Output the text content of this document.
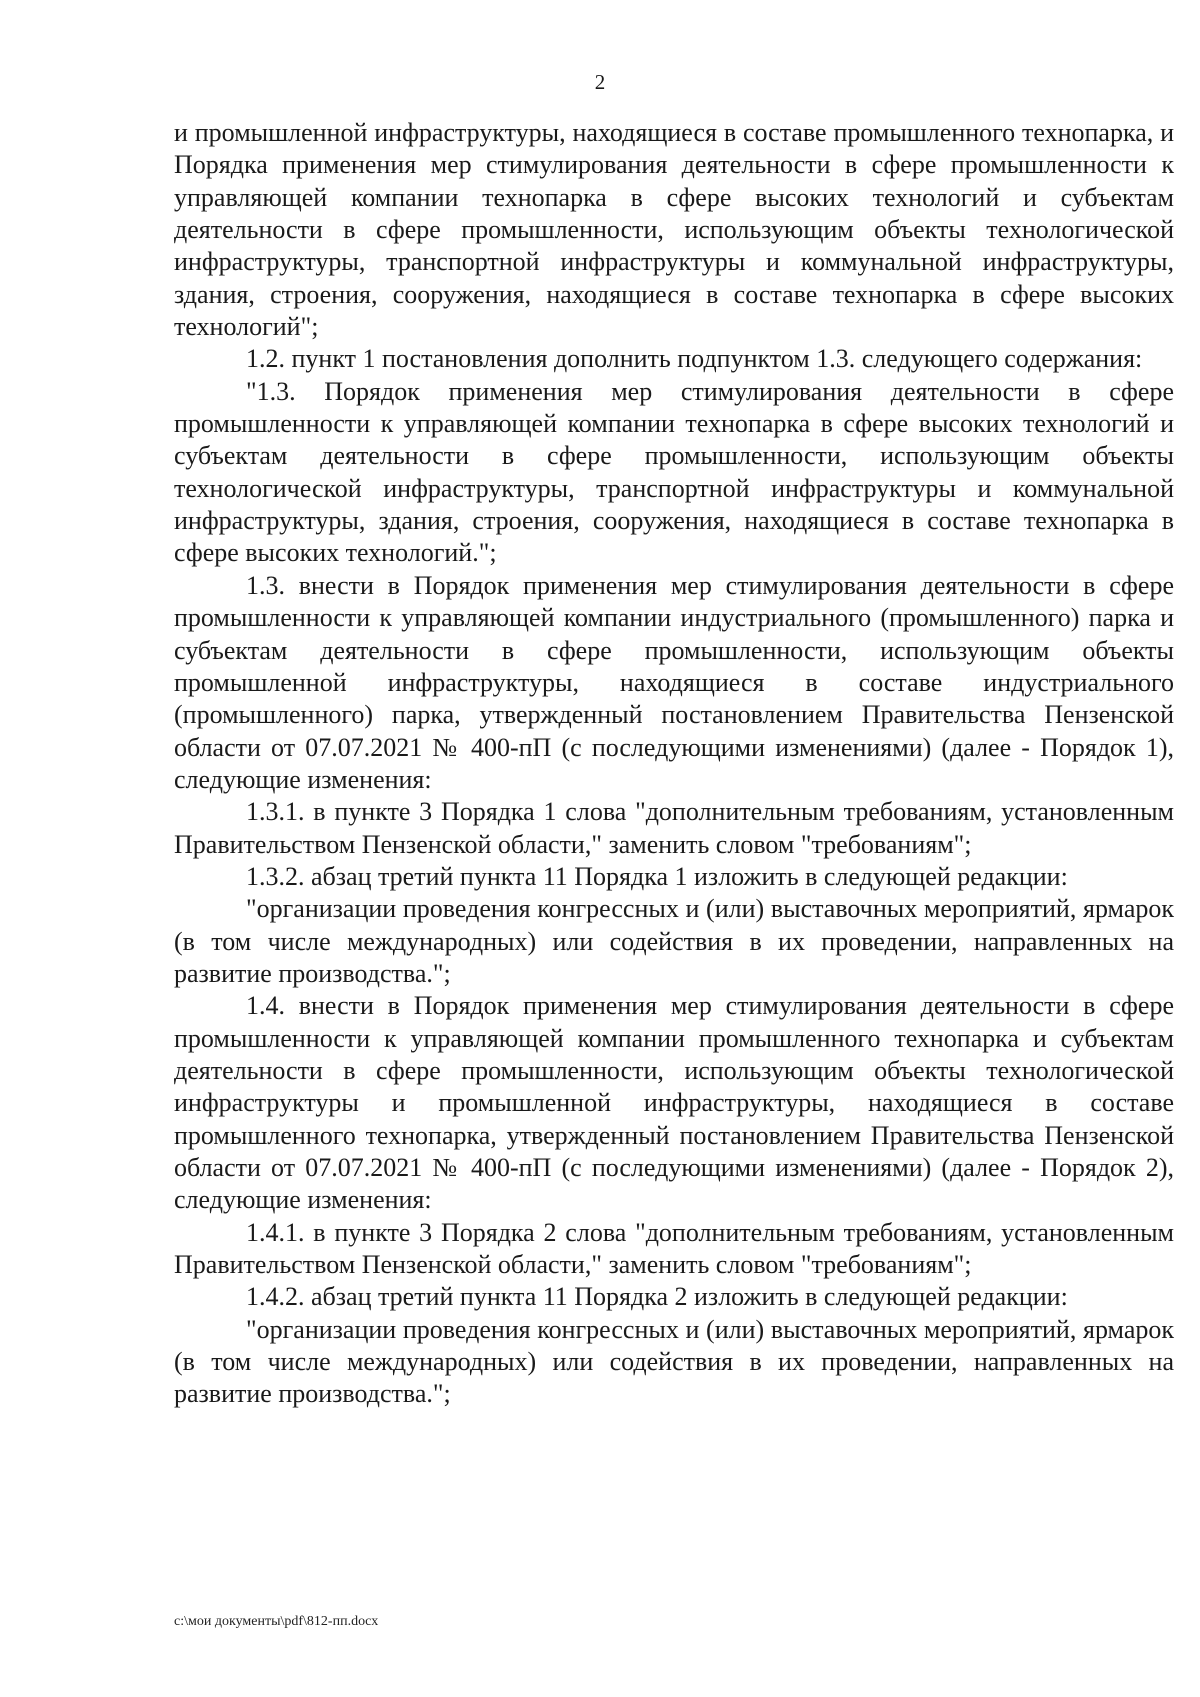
2

и промышленной инфраструктуры, находящиеся в составе промышленного технопарка, и Порядка применения мер стимулирования деятельности в сфере промышленности к управляющей компании технопарка в сфере высоких технологий и субъектам деятельности в сфере промышленности, использующим объекты технологической инфраструктуры, транспортной инфраструктуры и коммунальной инфраструктуры, здания, строения, сооружения, находящиеся в составе технопарка в сфере высоких технологий";

1.2. пункт 1 постановления дополнить подпунктом 1.3. следующего содержания:

"1.3. Порядок применения мер стимулирования деятельности в сфере промышленности к управляющей компании технопарка в сфере высоких технологий и субъектам деятельности в сфере промышленности, использующим объекты технологической инфраструктуры, транспортной инфраструктуры и коммунальной инфраструктуры, здания, строения, сооружения, находящиеся в составе технопарка в сфере высоких технологий.";

1.3. внести в Порядок применения мер стимулирования деятельности в сфере промышленности к управляющей компании индустриального (промышленного) парка и субъектам деятельности в сфере промышленности, использующим объекты промышленной инфраструктуры, находящиеся в составе индустриального (промышленного) парка, утвержденный постановлением Правительства Пензенской области от 07.07.2021 № 400-пП (с последующими изменениями) (далее - Порядок 1), следующие изменения:

1.3.1. в пункте 3 Порядка 1 слова "дополнительным требованиям, установленным Правительством Пензенской области," заменить словом "требованиям";

1.3.2. абзац третий пункта 11 Порядка 1 изложить в следующей редакции:

"организации проведения конгрессных и (или) выставочных мероприятий, ярмарок (в том числе международных) или содействия в их проведении, направленных на развитие производства.";

1.4. внести в Порядок применения мер стимулирования деятельности в сфере промышленности к управляющей компании промышленного технопарка и субъектам деятельности в сфере промышленности, использующим объекты технологической инфраструктуры и промышленной инфраструктуры, находящиеся в составе промышленного технопарка, утвержденный постановлением Правительства Пензенской области от 07.07.2021 № 400-пП (с последующими изменениями) (далее - Порядок 2), следующие изменения:

1.4.1. в пункте 3 Порядка 2 слова "дополнительным требованиям, установленным Правительством Пензенской области," заменить словом "требованиям";

1.4.2. абзац третий пункта 11 Порядка 2 изложить в следующей редакции:

"организации проведения конгрессных и (или) выставочных мероприятий, ярмарок (в том числе международных) или содействия в их проведении, направленных на развитие производства.";

c:\мои документы\pdf\812-пп.docx
